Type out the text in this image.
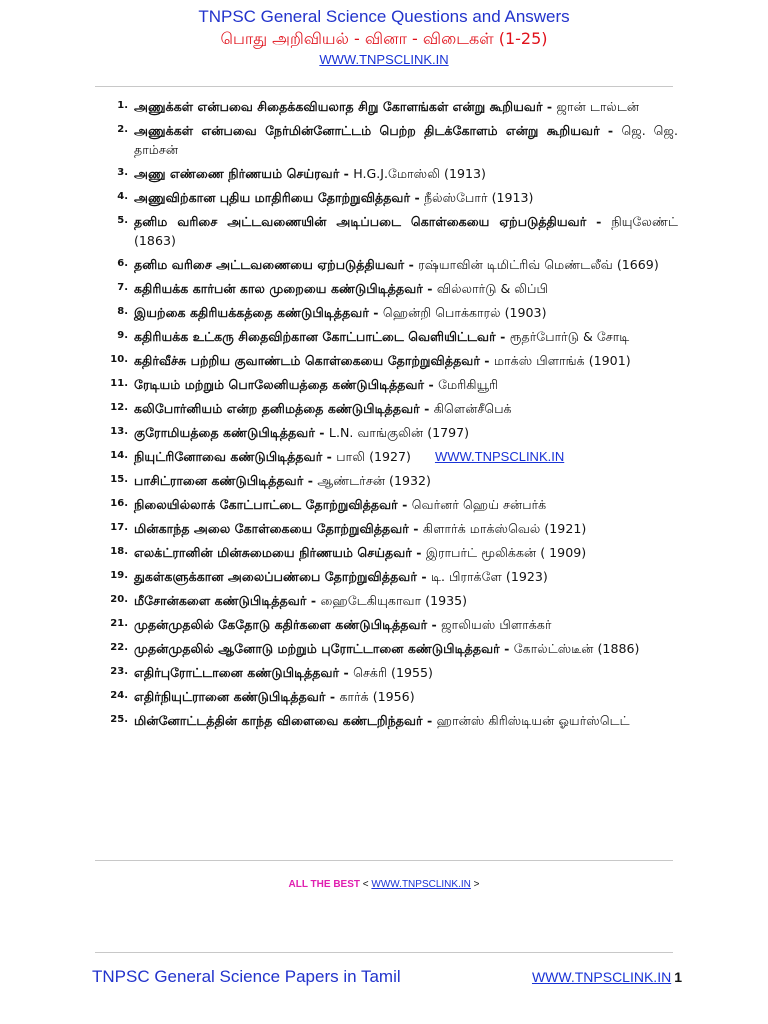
TNPSC General Science Questions and Answers
பொது அறிவியல் - வினா - விடைகள் (1-25)
WWW.TNPSCLINK.IN
1. அணுக்கள் என்பவை சிதைக்கவியலாத சிறு கோளங்கள் என்று கூறியவர் - ஜான் டால்டன்
2. அணுக்கள் என்பவை நேர்மின்னோட்டம் பெற்ற திடக்கோளம் என்று கூறியவர் - ஜெ. ஜெ. தாம்சன்
3. அணு எண்ணை நிர்ணயம் செய்ரவர் - H.G.J.மோஸ்லி (1913)
4. அணுவிற்கான புதிய மாதிரியை தோற்றுவித்தவர் - நீல்ஸ்போர் (1913)
5. தனிம வரிசை அட்டவணையின் அடிப்படை கொள்கையை ஏற்படுத்தியவர் - நியுலேண்ட் (1863)
6. தனிம வரிசை அட்டவணையை ஏற்படுத்தியவர் - ரஷ்யாவின் டிமிட்ரிவ் மெண்டலீவ் (1669)
7. கதிரியக்க கார்பன் கால முறையை கண்டுபிடித்தவர் - வில்லார்டு & லிப்பி
8. இயற்கை கதிரியக்கத்தை கண்டுபிடித்தவர் - ஹென்றி பொக்காரல் (1903)
9. கதிரியக்க உட்கரு சிதைவிற்கான கோட்பாட்டை வெளியிட்டவர் - ரூதர்போர்டு & சோடி
10. கதிர்வீச்சு பற்றிய குவாண்டம் கொள்கையை தோற்றுவித்தவர் - மாக்ஸ் பிளாங்க் (1901)
11. ரேடியம் மற்றும் பொலேனியத்தை கண்டுபிடித்தவர் - மேரிகியூரி
12. கலிபோர்னியம் என்ற தனிமத்தை கண்டுபிடித்தவர் - கிளென்சீபெக்
13. குரோமியத்தை கண்டுபிடித்தவர் - L.N. வாங்குலின் (1797)
14. நியுட்ரினோவை கண்டுபிடித்தவர் - பாலி (1927) WWW.TNPSCLINK.IN
15. பாசிட்ரானை கண்டுபிடித்தவர் - ஆண்டர்சன் (1932)
16. நிலையில்லாக் கோட்பாட்டை தோற்றுவித்தவர் - வெர்னர் ஹெய் சன்பர்க்
17. மின்காந்த அலை கோள்கையை தோற்றுவித்தவர் - கிளார்க் மாக்ஸ்வெல் (1921)
18. எலக்ட்ரானின் மின்சுமையை நிர்ணயம் செய்தவர் - இராபர்ட் மூலிக்கன் ( 1909)
19. துகள்களுக்கான அலைப்பண்பை தோற்றுவித்தவர் - டி. பிராக்ளே (1923)
20. மீசோன்களை கண்டுபிடித்தவர் - ஹைடேகியுகாவா (1935)
21. முதன்முதலில் கேதோடு கதிர்களை கண்டுபிடித்தவர் - ஜாலியஸ் பிளாக்கர்
22. முதன்முதலில் ஆனோடு மற்றும் புரோட்டானை கண்டுபிடித்தவர் - கோல்ட்ஸ்டீன் (1886)
23. எதிர்புரோட்டானை கண்டுபிடித்தவர் - செக்ரி (1955)
24. எதிர்நியுட்ரானை கண்டுபிடித்தவர் - கார்க் (1956)
25. மின்னோட்டத்தின் காந்த விளைவை கண்டறிந்தவர் - ஹான்ஸ் கிரிஸ்டியன் ஓயர்ஸ்டெட்
ALL THE BEST < WWW.TNPSCLINK.IN >
TNPSC General Science Papers in Tamil	WWW.TNPSCLINK.IN 1
